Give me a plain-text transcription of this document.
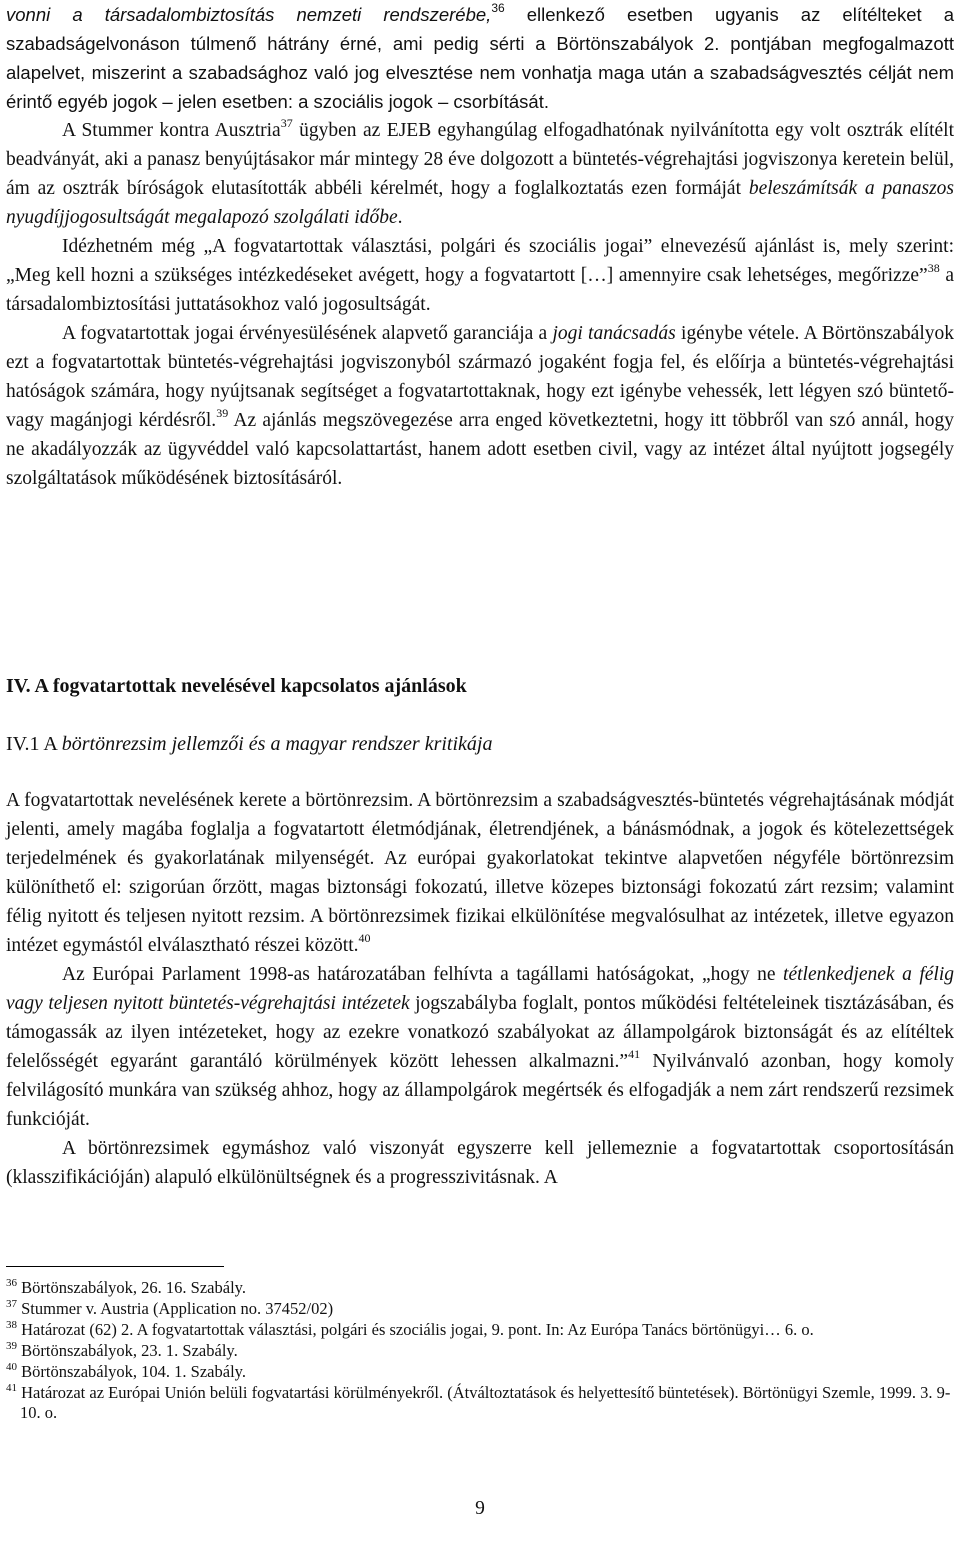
vonni a társadalombiztosítás nemzeti rendszerébe,$^{36}$ ellenkező esetben ugyanis az elítélteket a szabadságelvonáson túlmenő hátrány érné, ami pedig sérti a Börtönszabályok 2. pontjában megfogalmazott alapelvet, miszerint a szabadsághoz való jog elvesztése nem vonhatja maga után a szabadságvesztés célját nem érintő egyéb jogok – jelen esetben: a szociális jogok – csorbítását.

A Stummer kontra Ausztria$^{37}$ ügyben az EJEB egyhangúlag elfogadhatónak nyilvánította egy volt osztrák elítélt beadványát, aki a panasz benyújtásakor már mintegy 28 éve dolgozott a büntetés-végrehajtási jogviszonya keretein belül, ám az osztrák bíróságok elutasították abbéli kérelmét, hogy a foglalkoztatás ezen formáját beleszámítsák a panaszos nyugdíjjogosultságát megalapozó szolgálati időbe.

Idézhetném még „A fogvatartottak választási, polgári és szociális jogai” elnevezésű ajánlást is, mely szerint: „Meg kell hozni a szükséges intézkedéseket avégett, hogy a fogvatartott […] amennyire csak lehetséges, megőrizze”$^{38}$ a társadalombiztosítási juttatásokhoz való jogosultságát.

A fogvatartottak jogai érvényesülésének alapvető garanciája a jogi tanácsadás igénybe vétele. A Börtönszabályok ezt a fogvatartottak büntetés-végrehajtási jogviszonyból származó jogaként fogja fel, és előírja a büntetés-végrehajtási hatóságok számára, hogy nyújtsanak segítséget a fogvatartottaknak, hogy ezt igénybe vehessék, lett légyen szó büntető- vagy magánjogi kérdésről.$^{39}$ Az ajánlás megszövegezése arra enged következtetni, hogy itt többről van szó annál, hogy ne akadályozzák az ügyvéddel való kapcsolattartást, hanem adott esetben civil, vagy az intézet által nyújtott jogsegély szolgáltatások működésének biztosításáról.

IV. A fogvatartottak nevelésével kapcsolatos ajánlások
IV.1 A börtönrezsim jellemzői és a magyar rendszer kritikája

A fogvatartottak nevelésének kerete a börtönrezsim. A börtönrezsim a szabadságvesztés-büntetés végrehajtásának módját jelenti, amely magába foglalja a fogvatartott életmódjának, életrendjének, a bánásmódnak, a jogok és kötelezettségek terjedelmének és gyakorlatának milyenségét. Az európai gyakorlatokat tekintve alapvetően négyféle börtönrezsim különíthető el: szigorúan őrzött, magas biztonsági fokozatú, illetve közepes biztonsági fokozatú zárt rezsim; valamint félig nyitott és teljesen nyitott rezsim. A börtönrezsimek fizikai elkülönítése megvalósulhat az intézetek, illetve egyazon intézet egymástól elválasztható részei között.$^{40}$

Az Európai Parlament 1998-as határozatában felhívta a tagállami hatóságokat, „hogy ne tétlenkedjenek a félig vagy teljesen nyitott büntetés-végrehajtási intézetek jogszabályba foglalt, pontos működési feltételeinek tisztázásában, és támogassák az ilyen intézeteket, hogy az ezekre vonatkozó szabályokat az állampolgárok biztonságát és az elítéltek felelősségét egyaránt garantáló körülmények között lehessen alkalmazni.”$^{41}$ Nyilvánvaló azonban, hogy komoly felvilágosító munkára van szükség ahhoz, hogy az állampolgárok megértsék és elfogadják a nem zárt rendszerű rezsimek funkcióját.

A börtönrezsimek egymáshoz való viszonyát egyszerre kell jellemeznie a fogvatartottak csoportosításán (klasszifikációján) alapuló elkülönültségnek és a progresszivitásnak. A

$^{36}$ Börtönszabályok, 26. 16. Szabály.

$^{37}$ Stummer v. Austria (Application no. 37452/02)

$^{38}$ Határozat (62) 2. A fogvatartottak választási, polgári és szociális jogai, 9. pont. In: Az Európa Tanács börtönügyi… 6. o.

$^{39}$ Börtönszabályok, 23. 1. Szabály.

$^{40}$ Börtönszabályok, 104. 1. Szabály.

$^{41}$ Határozat az Európai Unión belüli fogvatartási körülményekről. (Átváltoztatások és helyettesítő büntetések). Börtönügyi Szemle, 1999. 3. 9-10. o.

9
